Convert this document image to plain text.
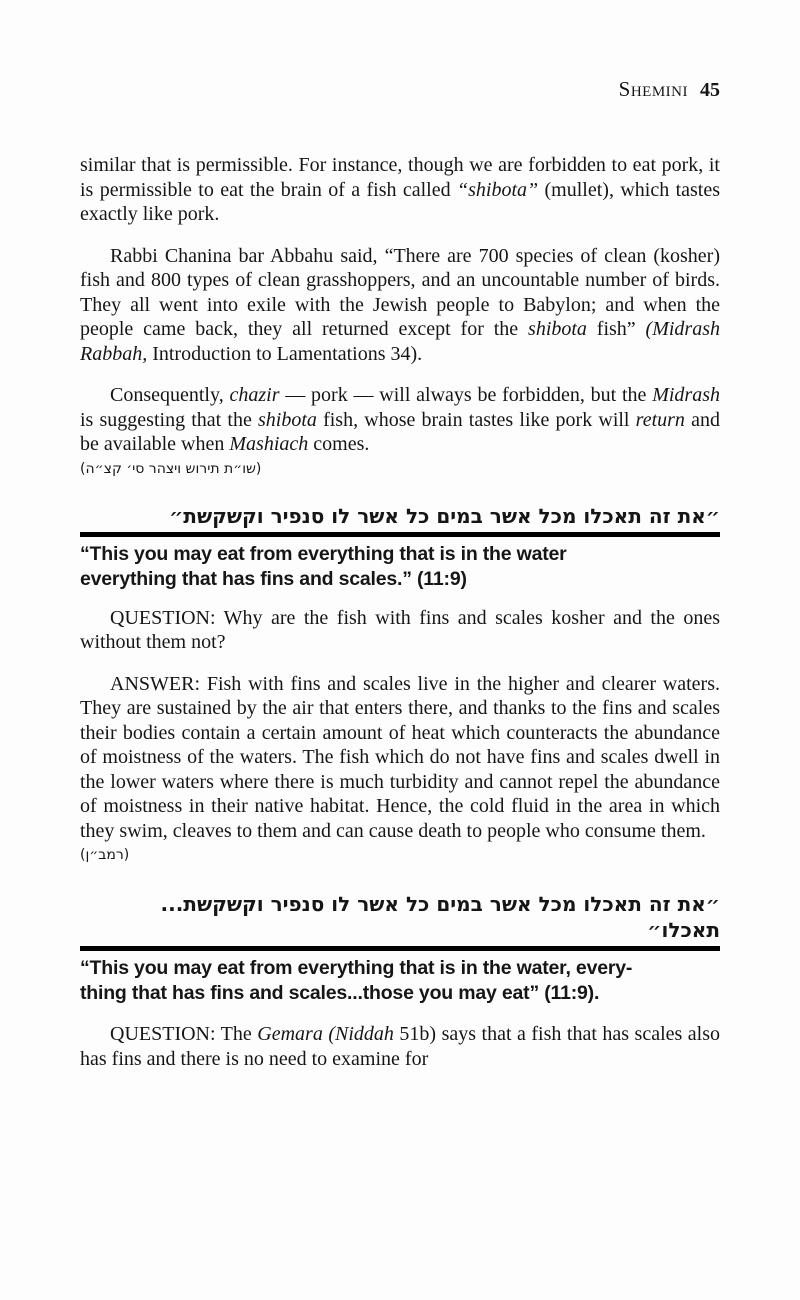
Shemini 45

similar that is permissible. For instance, though we are forbidden to eat pork, it is permissible to eat the brain of a fish called “shibota” (mullet), which tastes exactly like pork.

Rabbi Chanina bar Abbahu said, “There are 700 species of clean (kosher) fish and 800 types of clean grasshoppers, and an uncountable number of birds. They all went into exile with the Jewish people to Babylon; and when the people came back, they all returned except for the shibota fish” (Midrash Rabbah, Introduction to Lamentations 34).

Consequently, chazir — pork — will always be forbidden, but the Midrash is suggesting that the shibota fish, whose brain tastes like pork will return and be available when Mashiach comes.

(שו״ת תירוש ויצהר סי׳ קצ״ה)
״את זה תאכלו מכל אשר במים כל אשר לו סנפיר וקשקשת״
“This you may eat from everything that is in the water
everything that has fins and scales.” (11:9)

QUESTION: Why are the fish with fins and scales kosher and the ones without them not?

ANSWER: Fish with fins and scales live in the higher and clearer waters. They are sustained by the air that enters there, and thanks to the fins and scales their bodies contain a certain amount of heat which counteracts the abundance of moistness of the waters. The fish which do not have fins and scales dwell in the lower waters where there is much turbidity and cannot repel the abundance of moistness in their native habitat. Hence, the cold fluid in the area in which they swim, cleaves to them and can cause death to people who consume them.

(רמב״ן)
״את זה תאכלו מכל אשר במים כל אשר לו סנפיר וקשקשת...
תאכלו״
“This you may eat from everything that is in the water, every-
thing that has fins and scales...those you may eat” (11:9).

QUESTION: The Gemara (Niddah 51b) says that a fish that has scales also has fins and there is no need to examine for
